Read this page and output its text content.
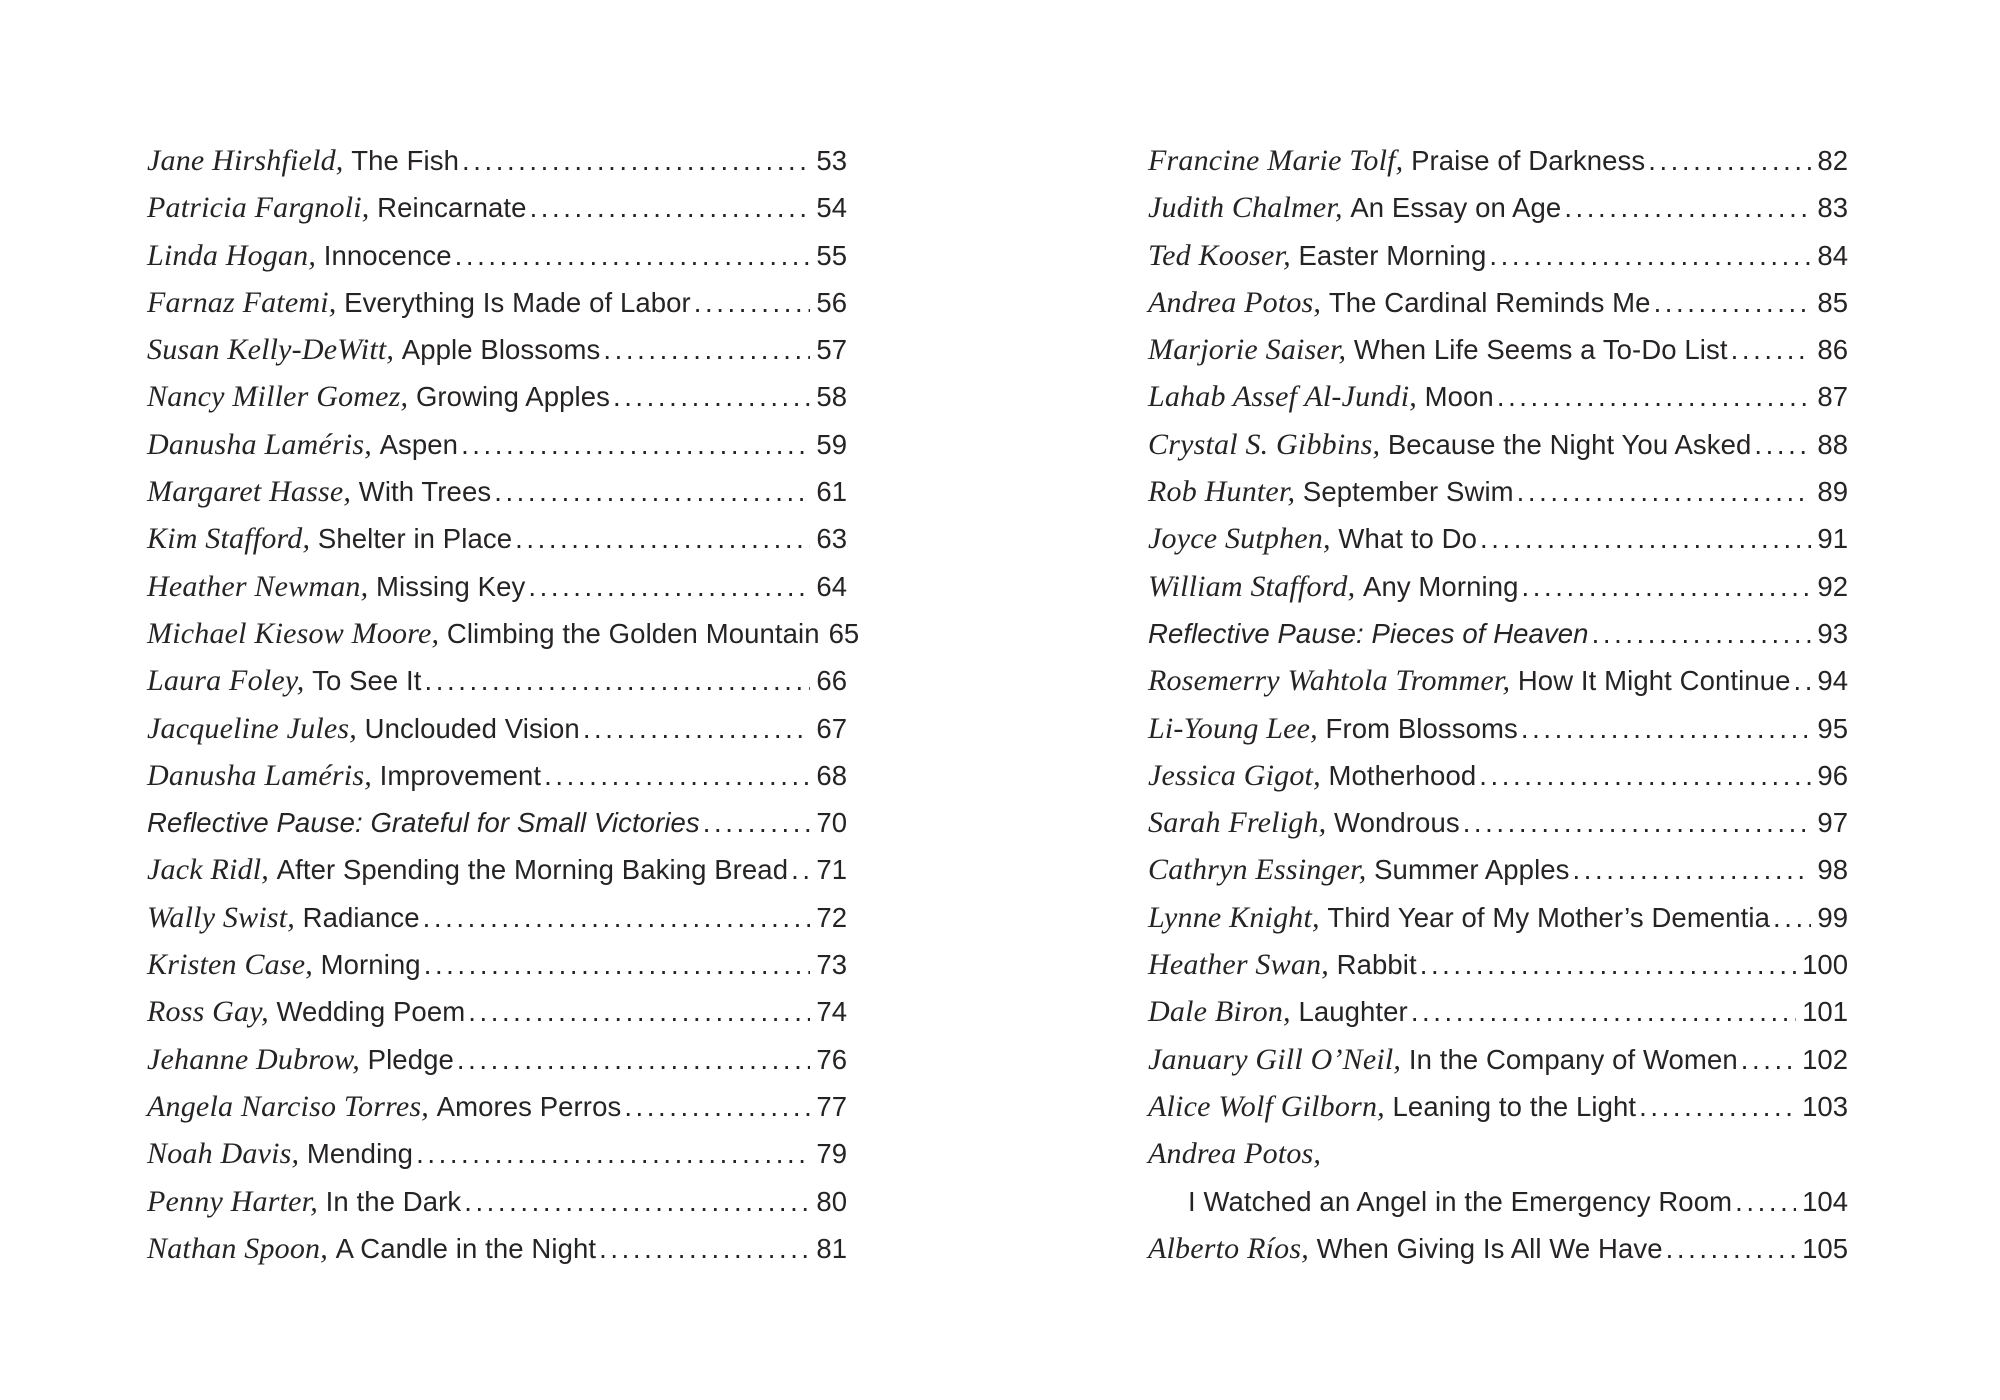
Jane Hirshfield, The Fish .....	53
Patricia Fargnoli, Reincarnate .....	54
Linda Hogan, Innocence .....	55
Farnaz Fatemi, Everything Is Made of Labor .....	56
Susan Kelly-DeWitt, Apple Blossoms .....	57
Nancy Miller Gomez, Growing Apples .....	58
Danusha Laméris, Aspen .....	59
Margaret Hasse, With Trees .....	61
Kim Stafford, Shelter in Place .....	63
Heather Newman, Missing Key .....	64
Michael Kiesow Moore, Climbing the Golden Mountain 65
Laura Foley, To See It .....	66
Jacqueline Jules, Unclouded Vision .....	67
Danusha Laméris, Improvement .....	68
Reflective Pause: Grateful for Small Victories .....	70
Jack Ridl, After Spending the Morning Baking Bread ..... 71
Wally Swist, Radiance .....	72
Kristen Case, Morning .....	73
Ross Gay, Wedding Poem .....	74
Jehanne Dubrow, Pledge .....	76
Angela Narciso Torres, Amores Perros .....	77
Noah Davis, Mending .....	79
Penny Harter, In the Dark .....	80
Nathan Spoon, A Candle in the Night .....	81
Francine Marie Tolf, Praise of Darkness .....	82
Judith Chalmer, An Essay on Age .....	83
Ted Kooser, Easter Morning .....	84
Andrea Potos, The Cardinal Reminds Me .....	85
Marjorie Saiser, When Life Seems a To-Do List .....	86
Lahab Assef Al-Jundi, Moon .....	87
Crystal S. Gibbins, Because the Night You Asked ..... 88
Rob Hunter, September Swim .....	89
Joyce Sutphen, What to Do .....	91
William Stafford, Any Morning .....	92
Reflective Pause: Pieces of Heaven .....	93
Rosemerry Wahtola Trommer, How It Might Continue ..... 94
Li-Young Lee, From Blossoms .....	95
Jessica Gigot, Motherhood .....	96
Sarah Freligh, Wondrous .....	97
Cathryn Essinger, Summer Apples .....	98
Lynne Knight, Third Year of My Mother’s Dementia ..... 99
Heather Swan, Rabbit .....	100
Dale Biron, Laughter .....	101
January Gill O’Neil, In the Company of Women ..... 102
Alice Wolf Gilborn, Leaning to the Light .....	103
Andrea Potos,
I Watched an Angel in the Emergency Room .....	104
Alberto Ríos, When Giving Is All We Have .....	105
